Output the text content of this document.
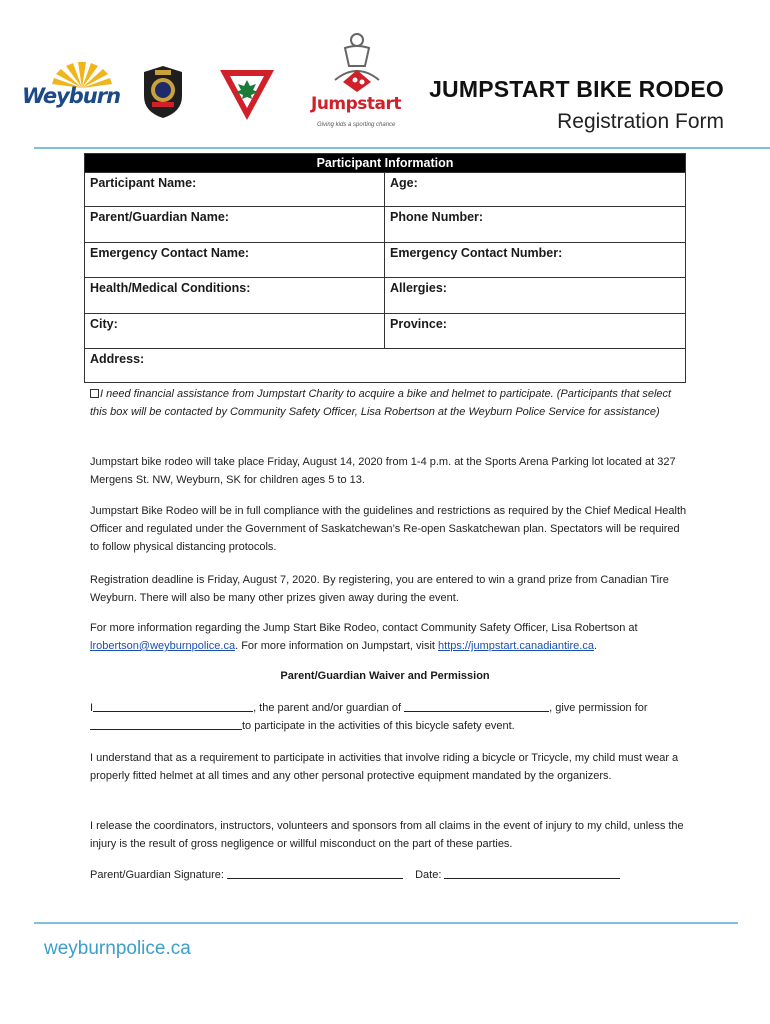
Weyburn	Jumpstart
Giving kids a sporting chance
JUMPSTART BIKE RODEO
Registration Form
Participant Information
Participant Name:	Age:
Parent/Guardian Name:	Phone Number:
Emergency Contact Name:	Emergency Contact Number:
Health/Medical Conditions:	Allergies:
City:	Province:
Address:
I need financial assistance from Jumpstart Charity to acquire a bike and helmet to participate. (Participants that select this box will be contacted by Community Safety Officer, Lisa Robertson at the Weyburn Police Service for assistance)
Jumpstart bike rodeo will take place Friday, August 14, 2020 from 1-4 p.m. at the Sports Arena Parking lot located at 327 Mergens St. NW, Weyburn, SK for children ages 5 to 13.
Jumpstart Bike Rodeo will be in full compliance with the guidelines and restrictions as required by the Chief Medical Health Officer and regulated under the Government of Saskatchewan’s Re-open Saskatchewan plan. Spectators will be required to follow physical distancing protocols.
Registration deadline is Friday, August 7, 2020. By registering, you are entered to win a grand prize from Canadian Tire Weyburn. There will also be many other prizes given away during the event.
For more information regarding the Jump Start Bike Rodeo, contact Community Safety Officer, Lisa Robertson at lrobertson@weyburnpolice.ca. For more information on Jumpstart, visit https://jumpstart.canadiantire.ca.
Parent/Guardian Waiver and Permission
I	, the parent and/or guardian of	, give permission for
to participate in the activities of this bicycle safety event.
I understand that as a requirement to participate in activities that involve riding a bicycle or Tricycle, my child must wear a properly fitted helmet at all times and any other personal protective equipment mandated by the organizers.
I release the coordinators, instructors, volunteers and sponsors from all claims in the event of injury to my child, unless the injury is the result of gross negligence or willful misconduct on the part of these parties.
Parent/Guardian Signature:	Date:
weyburnpolice.ca
